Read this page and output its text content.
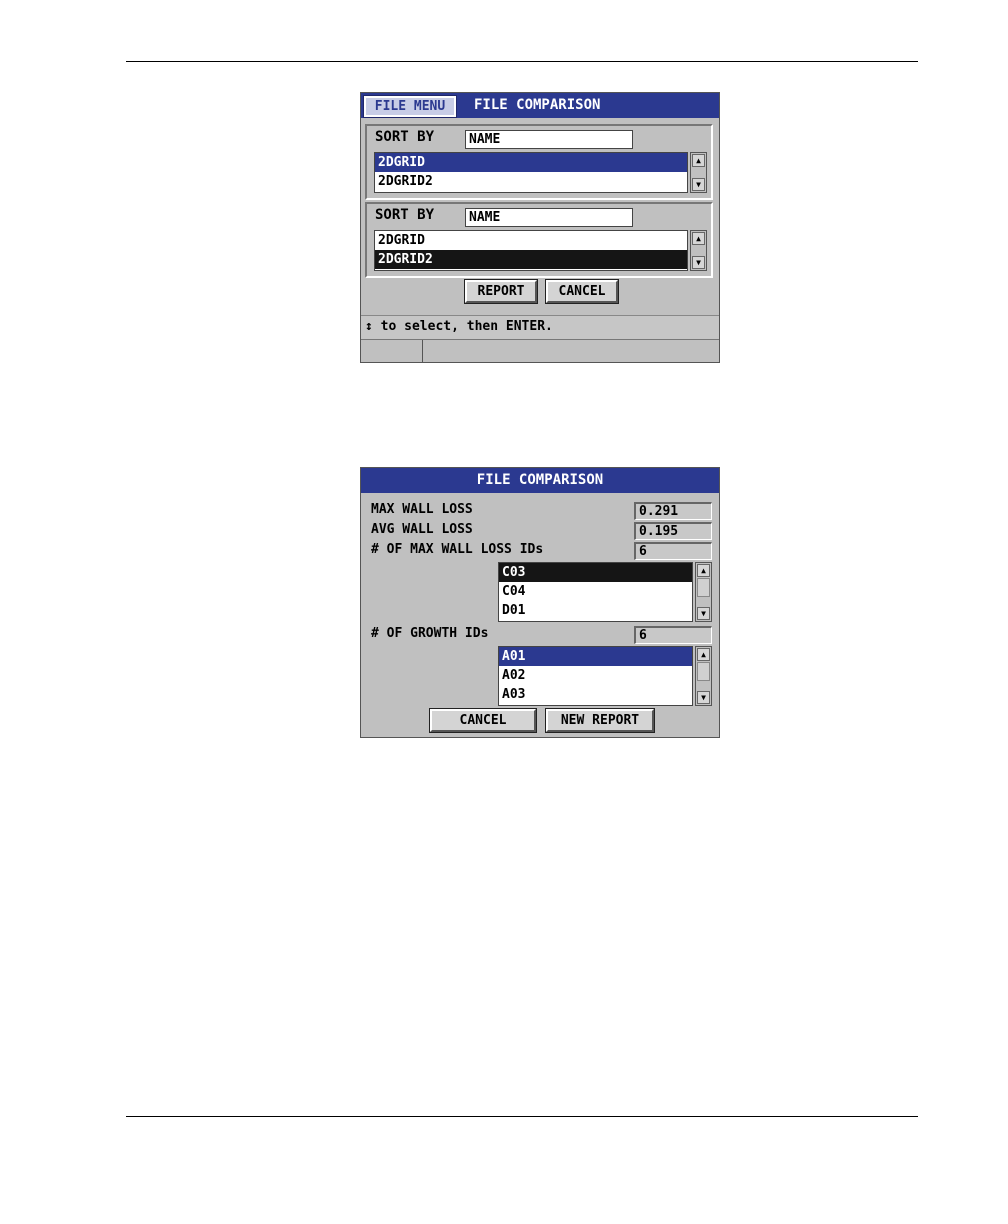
FILE MENU	FILE COMPARISON
SORT BY	NAME
2DGRID
2DGRID2
▲
▼
SORT BY	NAME
2DGRID
2DGRID2
▲
▼
REPORT	CANCEL
↕ to select, then ENTER.
FILE COMPARISON
MAX WALL LOSS	0.291
AVG WALL LOSS	0.195
# OF MAX WALL LOSS IDs	6
C03
C04
D01
▲
▼
# OF GROWTH IDs	6
A01
A02
A03
▲
▼
CANCEL	NEW REPORT
